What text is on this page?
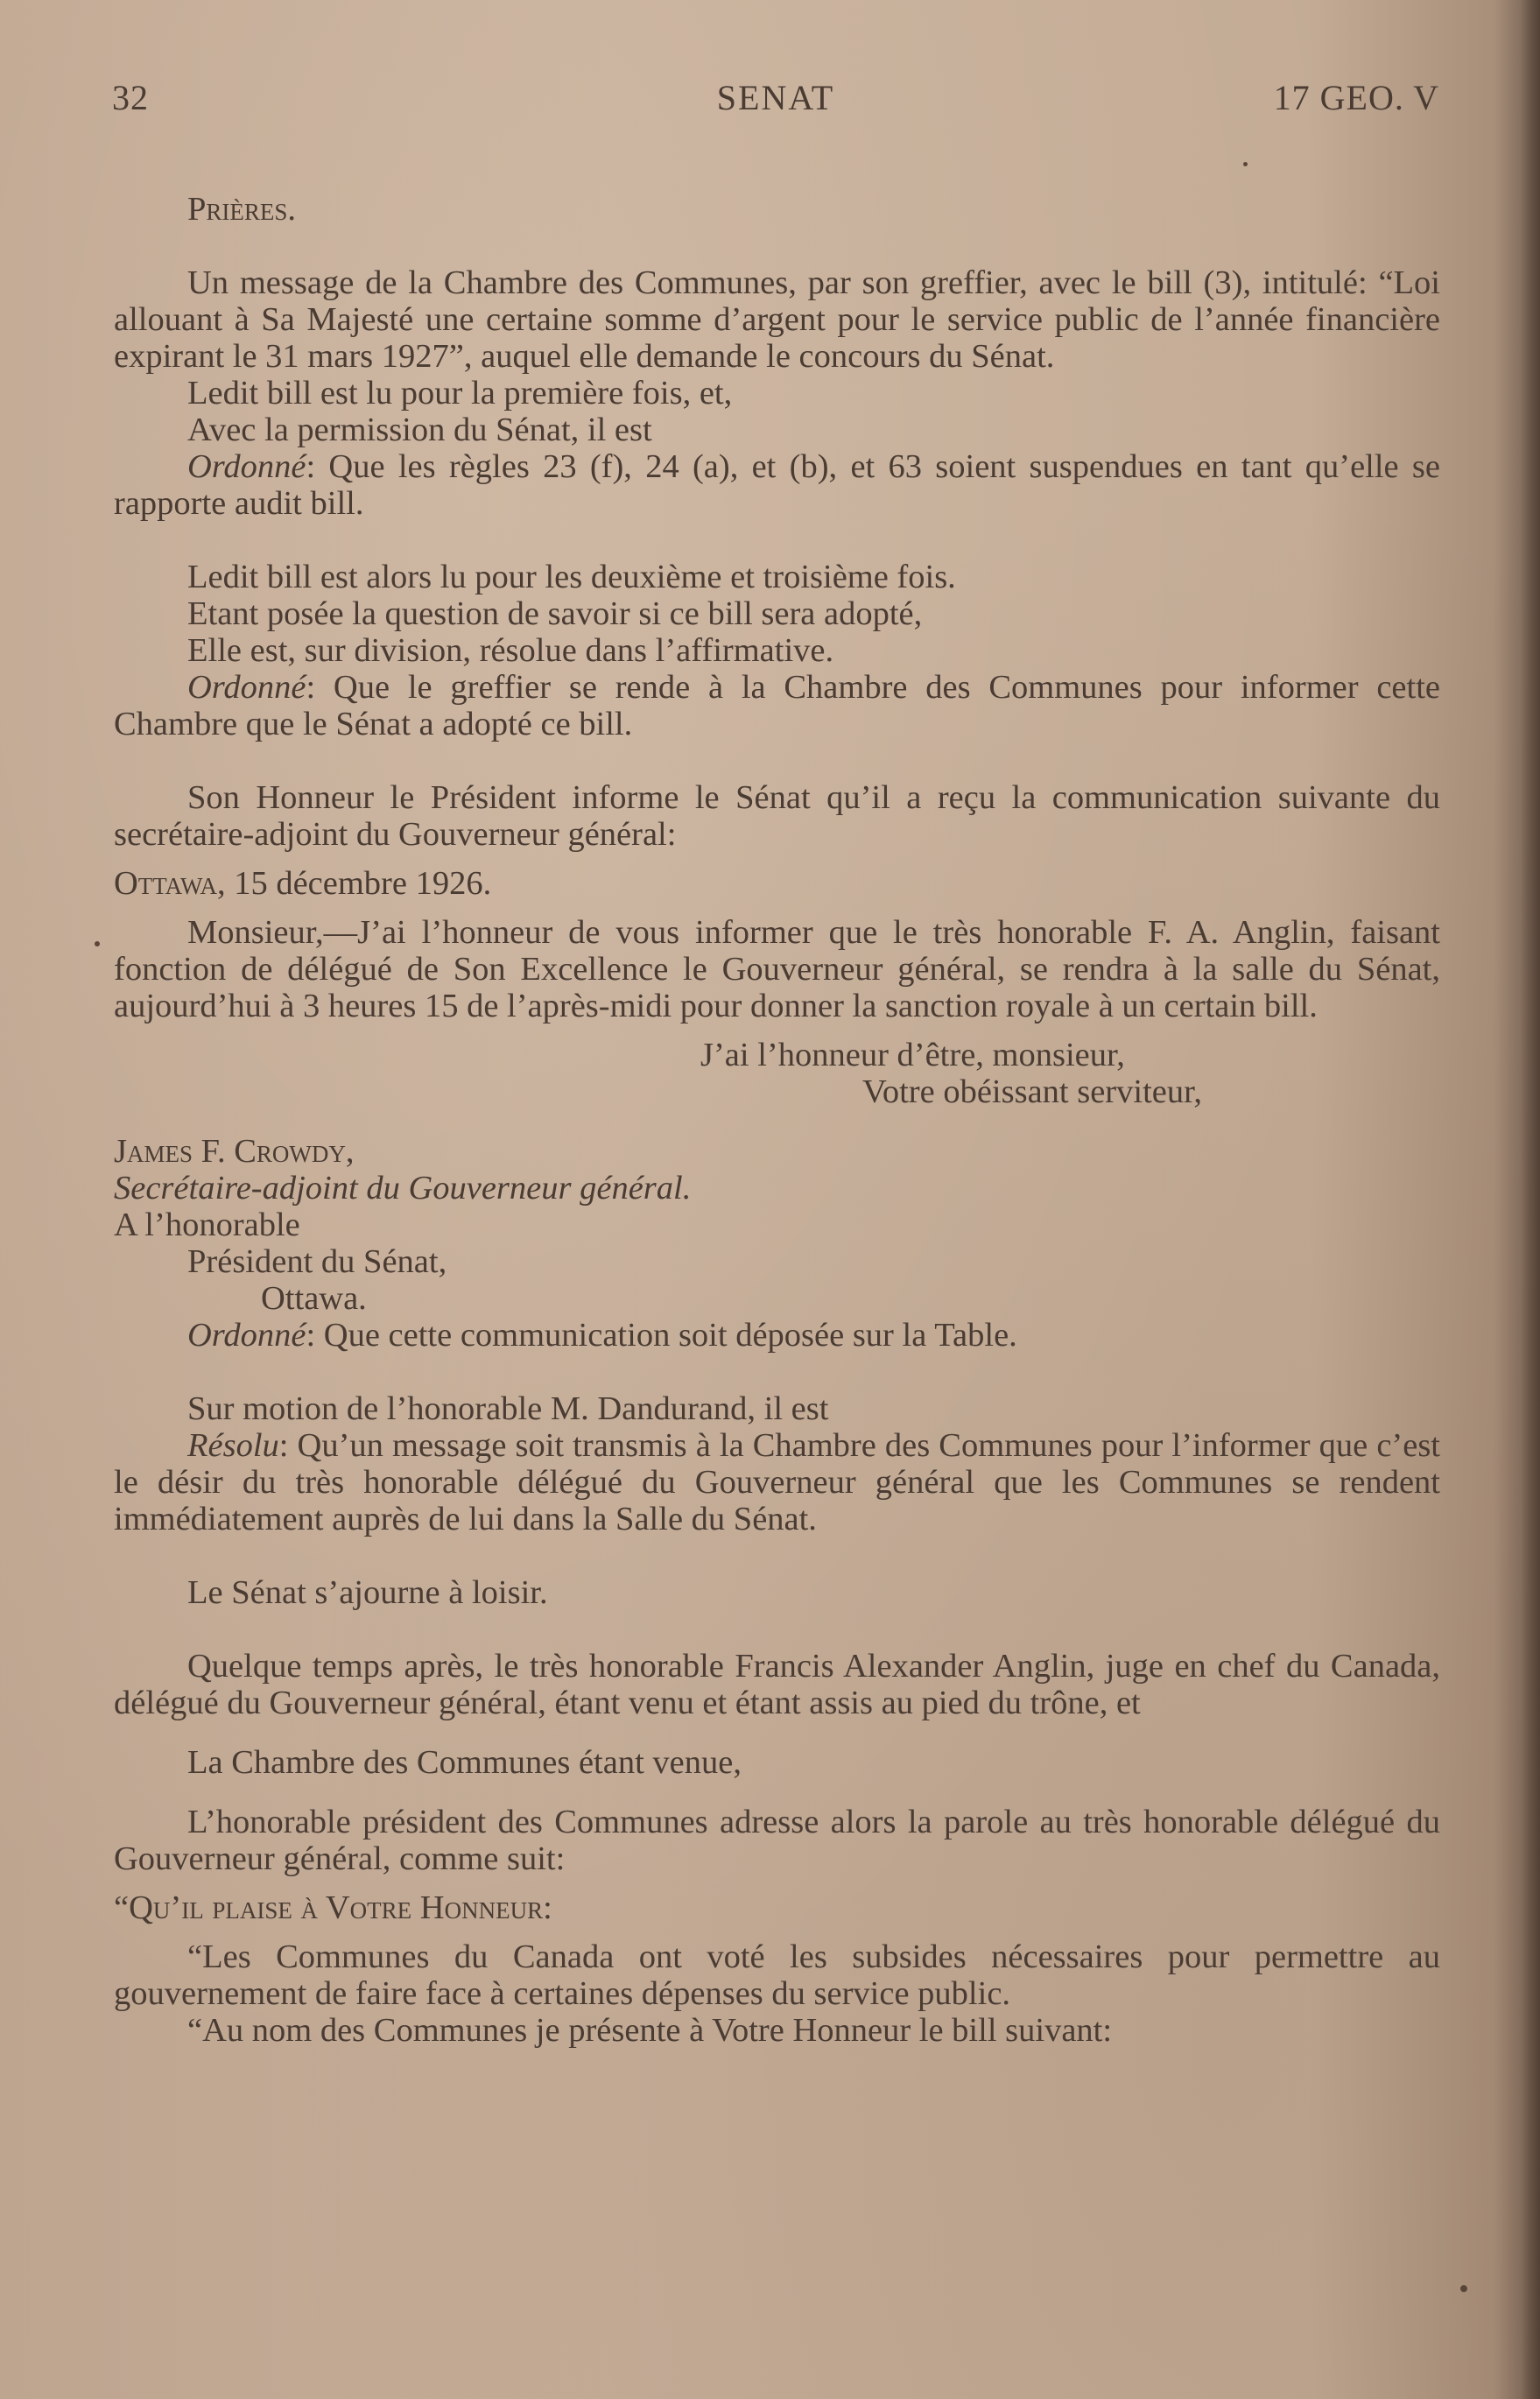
32	SENAT	17 GEO. V

Prières.

Un message de la Chambre des Communes, par son greffier, avec le bill (3), intitulé: “Loi allouant à Sa Majesté une certaine somme d’argent pour le service public de l’année financière expirant le 31 mars 1927”, auquel elle demande le concours du Sénat.

Ledit bill est lu pour la première fois, et,

Avec la permission du Sénat, il est

Ordonné: Que les règles 23 (f), 24 (a), et (b), et 63 soient suspendues en tant qu’elle se rapporte audit bill.

Ledit bill est alors lu pour les deuxième et troisième fois.

Etant posée la question de savoir si ce bill sera adopté,

Elle est, sur division, résolue dans l’affirmative.

Ordonné: Que le greffier se rende à la Chambre des Communes pour informer cette Chambre que le Sénat a adopté ce bill.

Son Honneur le Président informe le Sénat qu’il a reçu la communication suivante du secrétaire-adjoint du Gouverneur général:

Ottawa, 15 décembre 1926.

Monsieur,—J’ai l’honneur de vous informer que le très honorable F. A. Anglin, faisant fonction de délégué de Son Excellence le Gouverneur général, se rendra à la salle du Sénat, aujourd’hui à 3 heures 15 de l’après-midi pour donner la sanction royale à un certain bill.

J’ai l’honneur d’être, monsieur,

Votre obéissant serviteur,

James F. Crowdy,

Secrétaire-adjoint du Gouverneur général.

A l’honorable

Président du Sénat,

Ottawa.

Ordonné: Que cette communication soit déposée sur la Table.

Sur motion de l’honorable M. Dandurand, il est

Résolu: Qu’un message soit transmis à la Chambre des Communes pour l’informer que c’est le désir du très honorable délégué du Gouverneur général que les Communes se rendent immédiatement auprès de lui dans la Salle du Sénat.

Le Sénat s’ajourne à loisir.

Quelque temps après, le très honorable Francis Alexander Anglin, juge en chef du Canada, délégué du Gouverneur général, étant venu et étant assis au pied du trône, et

La Chambre des Communes étant venue,

L’honorable président des Communes adresse alors la parole au très honorable délégué du Gouverneur général, comme suit:

“Qu’il plaise à Votre Honneur:

“Les Communes du Canada ont voté les subsides nécessaires pour permettre au gouvernement de faire face à certaines dépenses du service public.

“Au nom des Communes je présente à Votre Honneur le bill suivant:
